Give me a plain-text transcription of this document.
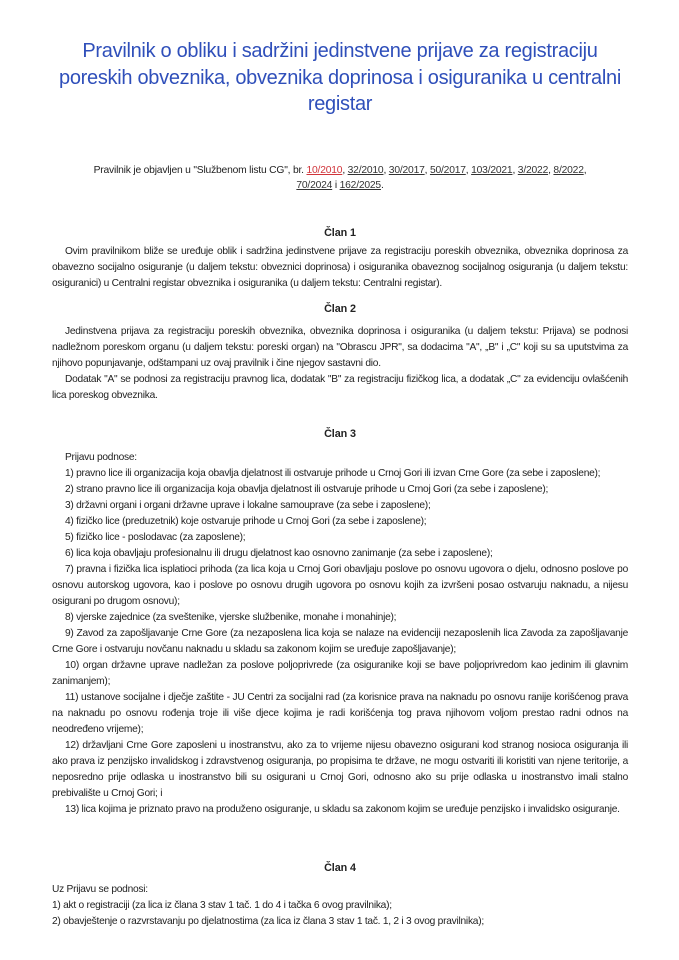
Pravilnik o obliku i sadržini jedinstvene prijave za registraciju poreskih obveznika, obveznika doprinosa i osiguranika u centralni registar
Pravilnik je objavljen u "Službenom listu CG", br. 10/2010, 32/2010, 30/2017, 50/2017, 103/2021, 3/2022, 8/2022,
70/2024 i 162/2025.
Član 1

Ovim pravilnikom bliže se uređuje oblik i sadržina jedinstvene prijave za registraciju poreskih obveznika, obveznika doprinosa za obavezno socijalno osiguranje (u daljem tekstu: obveznici doprinosa) i osiguranika obaveznog socijalnog osiguranja (u daljem tekstu: osiguranici) u Centralni registar obveznika i osiguranika (u daljem tekstu: Centralni registar).

Član 2

Jedinstvena prijava za registraciju poreskih obveznika, obveznika doprinosa i osiguranika (u daljem tekstu: Prijava) se podnosi nadležnom poreskom organu (u daljem tekstu: poreski organ) na "Obrascu JPR", sa dodacima "A", „B" i „C" koji su sa uputstvima za njihovo popunjavanje, odštampani uz ovaj pravilnik i čine njegov sastavni dio.

Dodatak "A" se podnosi za registraciju pravnog lica, dodatak "B" za registraciju fizičkog lica, a dodatak „C" za evidenciju ovlašćenih lica poreskog obveznika.

Član 3

Prijavu podnose:

1) pravno lice ili organizacija koja obavlja djelatnost ili ostvaruje prihode u Crnoj Gori ili izvan Crne Gore (za sebe i zaposlene);

2) strano pravno lice ili organizacija koja obavlja djelatnost ili ostvaruje prihode u Crnoj Gori (za sebe i zaposlene);

3) državni organi i organi državne uprave i lokalne samouprave (za sebe i zaposlene);

4) fizičko lice (preduzetnik) koje ostvaruje prihode u Crnoj Gori (za sebe i zaposlene);

5) fizičko lice - poslodavac (za zaposlene);

6) lica koja obavljaju profesionalnu ili drugu djelatnost kao osnovno zanimanje (za sebe i zaposlene);

7) pravna i fizička lica isplatioci prihoda (za lica koja u Crnoj Gori obavljaju poslove po osnovu ugovora o djelu, odnosno poslove po osnovu autorskog ugovora, kao i poslove po osnovu drugih ugovora po osnovu kojih za izvršeni posao ostvaruju naknadu, a nijesu osigurani po drugom osnovu);

8) vjerske zajednice (za sveštenike, vjerske službenike, monahe i monahinje);

9) Zavod za zapošljavanje Crne Gore (za nezaposlena lica koja se nalaze na evidenciji nezaposlenih lica Zavoda za zapošljavanje Crne Gore i ostvaruju novčanu naknadu u skladu sa zakonom kojim se uređuje zapošljavanje);

10) organ državne uprave nadležan za poslove poljoprivrede (za osiguranike koji se bave poljoprivredom kao jedinim ili glavnim zanimanjem);

11) ustanove socijalne i dječje zaštite - JU Centri za socijalni rad (za korisnice prava na naknadu po osnovu ranije korišćenog prava na naknadu po osnovu rođenja troje ili više djece kojima je radi korišćenja tog prava njihovom voljom prestao radni odnos na neodređeno vrijeme);

12) državljani Crne Gore zaposleni u inostranstvu, ako za to vrijeme nijesu obavezno osigurani kod stranog nosioca osiguranja ili ako prava iz penzijsko invalidskog i zdravstvenog osiguranja, po propisima te države, ne mogu ostvariti ili koristiti van njene teritorije, a neposredno prije odlaska u inostranstvo bili su osigurani u Crnoj Gori, odnosno ako su prije odlaska u inostranstvo imali stalno prebivalište u Crnoj Gori; i

13) lica kojima je priznato pravo na produženo osiguranje, u skladu sa zakonom kojim se uređuje penzijsko i invalidsko osiguranje.

Član 4

Uz Prijavu se podnosi:

1) akt o registraciji (za lica iz člana 3 stav 1 tač. 1 do 4 i tačka 6 ovog pravilnika);

2) obavještenje o razvrstavanju po djelatnostima (za lica iz člana 3 stav 1 tač. 1, 2 i 3 ovog pravilnika);
